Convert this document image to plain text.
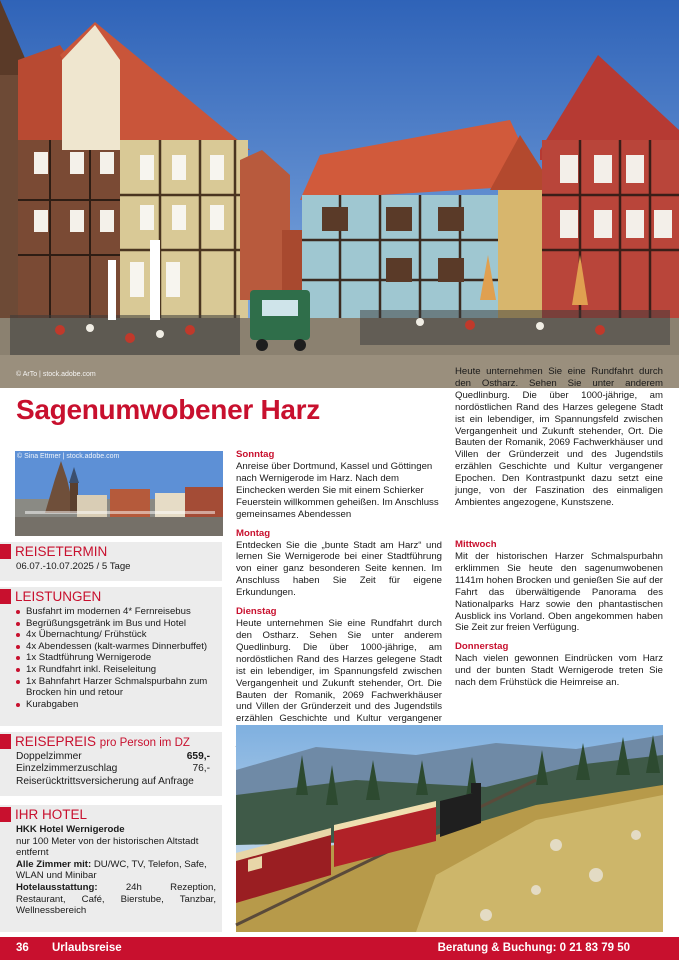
© ArTo | stock.adobe.com
Sagenumwobener Harz
© Sina Ettmer | stock.adobe.com
REISETERMIN
06.07.-10.07.2025 / 5 Tage
LEISTUNGEN
Busfahrt im modernen 4* Fernreisebus
Begrüßungsgetränk im Bus und Hotel
4x Übernachtung/ Frühstück
4x Abendessen (kalt-warmes Dinnerbuffet)
1x Stadtführung Wernigerode
1x Rundfahrt inkl. Reiseleitung
1x Bahnfahrt Harzer Schmalspurbahn zum Brocken hin und retour
Kurabgaben
REISEPREIS pro Person im DZ
Doppelzimmer	659,-
Einzelzimmerzuschlag	76,-
Reiserücktrittsversicherung auf Anfrage
IHR HOTEL
HKK Hotel Wernigerode
nur 100 Meter von der historischen Altstadt entfernt
Alle Zimmer mit: DU/WC, TV, Telefon, Safe, WLAN und Minibar
Hotelausstattung: 24h Rezeption, Restaurant, Café, Bierstube, Tanzbar, Wellnessbereich
Sonntag
Anreise über Dortmund, Kassel und Göttingen nach Wernigerode im Harz. Nach dem Einchecken werden Sie mit einem Schierker Feuerstein willkommen geheißen. Im Anschluss gemeinsames Abendessen
Montag
Entdecken Sie die „bunte Stadt am Harz“ und lernen Sie Wernigerode bei einer Stadtführung von einer ganz besonderen Seite kennen. Im Anschluss haben Sie Zeit für eigene Erkundungen.
Dienstag
Heute unternehmen Sie eine Rundfahrt durch den Ostharz. Sehen Sie unter anderem Quedlinburg. Die über 1000-jährige, am nordöstlichen Rand des Harzes gelegene Stadt ist ein lebendiger, im Spannungsfeld zwischen Vergangenheit und Zukunft stehender, Ort. Die Bauten der Romanik, 2069 Fachwerkhäuser und Villen der Gründerzeit und des Jugendstils erzählen Geschichte und Kultur vergangener
Heute unternehmen Sie eine Rundfahrt durch den Ostharz. Sehen Sie unter anderem Quedlinburg. Die über 1000-jährige, am nordöstlichen Rand des Harzes gelegene Stadt ist ein lebendiger, im Spannungsfeld zwischen Vergangenheit und Zukunft stehender, Ort. Die Bauten der Romanik, 2069 Fachwerkhäuser und Villen der Gründerzeit und des Jugendstils erzählen Geschichte und Kultur vergangener Epochen. Den Kontrastpunkt dazu setzt eine junge, von der Faszination des einmaligen Ambientes angezogene, Kunstszene.
Mittwoch
Mit der historischen Harzer Schmalspurbahn erklimmen Sie heute den sagenumwobenen 1141m hohen Brocken und genießen Sie auf der Fahrt das überwältigende Panorama des Nationalparks Harz sowie den phantastischen Ausblick ins Vorland. Oben angekommen haben Sie Zeit zur freien Verfügung.
Donnerstag
Nach vielen gewonnen Eindrücken vom Harz und der bunten Stadt Wernigerode treten Sie nach dem Frühstück die Heimreise an.
36 Urlaubsreise	Beratung & Buchung: 0 21 83 79 50
